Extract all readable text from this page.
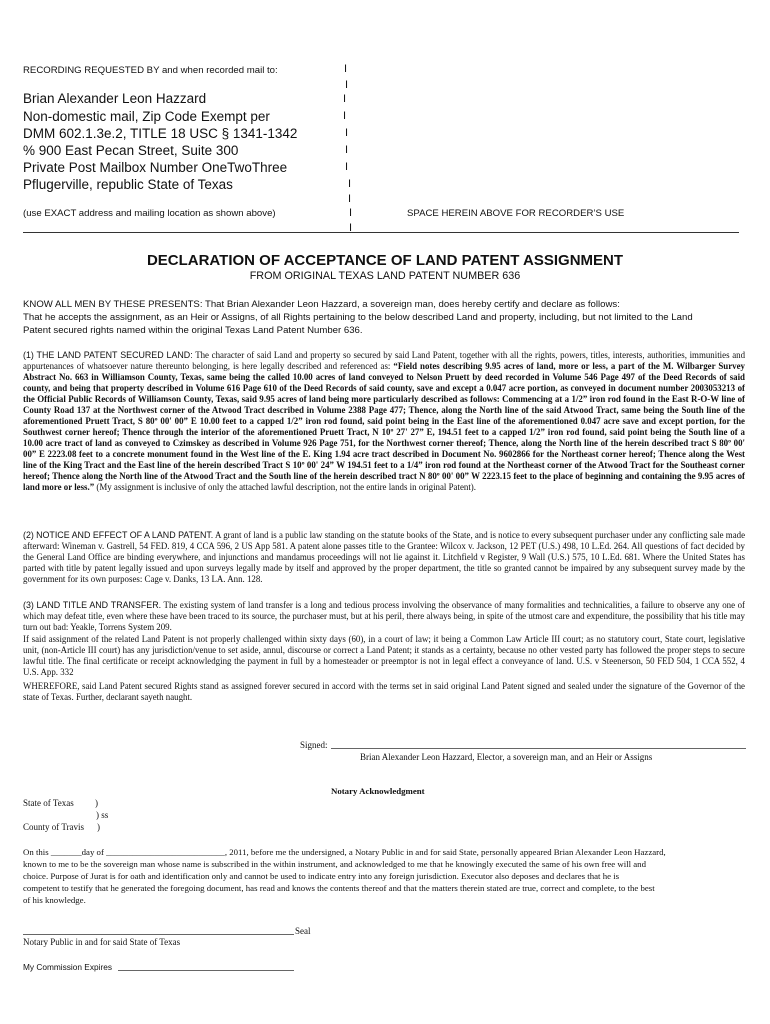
RECORDING REQUESTED BY and when recorded mail to:
Brian Alexander Leon Hazzard
Non-domestic mail, Zip Code Exempt per
DMM 602.1.3e.2, TITLE 18 USC § 1341-1342
% 900 East Pecan Street, Suite 300
Private Post Mailbox Number OneTwoThree
Pflugerville, republic State of Texas
(use EXACT address and mailing location as shown above)	SPACE HEREIN ABOVE FOR RECORDER’S USE
I
I
I
I
I
I
I
I
I
I
I
DECLARATION OF ACCEPTANCE OF LAND PATENT ASSIGNMENT
FROM ORIGINAL TEXAS LAND PATENT NUMBER 636
KNOW ALL MEN BY THESE PRESENTS: That Brian Alexander Leon Hazzard, a sovereign man, does hereby certify and declare as follows:
That he accepts the assignment, as an Heir or Assigns, of all Rights pertaining to the below described Land and property, including, but not limited to the Land
Patent secured rights named within the original Texas Land Patent Number 636.
(1) THE LAND PATENT SECURED LAND: The character of said Land and property so secured by said Land Patent, together with all the rights, powers, titles, interests, authorities, immunities and appurtenances of whatsoever nature thereunto belonging, is here legally described and referenced as: “Field notes describing 9.95 acres of land, more or less, a part of the M. Wilbarger Survey Abstract No. 663 in Williamson County, Texas, same being the called 10.00 acres of land conveyed to Nelson Pruett by deed recorded in Volume 546 Page 497 of the Deed Records of said county, and being that property described in Volume 616 Page 610 of the Deed Records of said county, save and except a 0.047 acre portion, as conveyed in document number 2003053213 of the Official Public Records of Williamson County, Texas, said 9.95 acres of land being more particularly described as follows: Commencing at a 1/2” iron rod found in the East R-O-W line of County Road 137 at the Northwest corner of the Atwood Tract described in Volume 2388 Page 477; Thence, along the North line of the said Atwood Tract, same being the South line of the aforementioned Pruett Tract, S 80º 00' 00” E 10.00 feet to a capped 1/2” iron rod found, said point being in the East line of the aforementioned 0.047 acre save and except portion, for the Southwest corner hereof; Thence through the interior of the aforementioned Pruett Tract, N 10º 27' 27” E, 194.51 feet to a capped 1/2” iron rod found, said point being the South line of a 10.00 acre tract of land as conveyed to Czimskey as described in Volume 926 Page 751, for the Northwest corner thereof; Thence, along the North line of the herein described tract S 80º 00' 00” E 2223.08 feet to a concrete monument found in the West line of the E. King 1.94 acre tract described in Document No. 9602866 for the Northeast corner hereof; Thence along the West line of the King Tract and the East line of the herein described Tract S 10º 00' 24” W 194.51 feet to a 1/4” iron rod found at the Northeast corner of the Atwood Tract for the Southeast corner hereof; Thence along the North line of the Atwood Tract and the South line of the herein described tract N 80º 00' 00” W 2223.15 feet to the place of beginning and containing the 9.95 acres of land more or less.” (My assignment is inclusive of only the attached lawful description, not the entire lands in original Patent).
(2) NOTICE AND EFFECT OF A LAND PATENT. A grant of land is a public law standing on the statute books of the State, and is notice to every subsequent purchaser under any conflicting sale made afterward: Wineman v. Gastrell, 54 FED. 819, 4 CCA 596, 2 US App 581. A patent alone passes title to the Grantee: Wilcox v. Jackson, 12 PET (U.S.) 498, 10 L.Ed. 264. All questions of fact decided by the General Land Office are binding everywhere, and injunctions and mandamus proceedings will not lie against it. Litchfield v Register, 9 Wall (U.S.) 575, 10 L.Ed. 681. Where the United States has parted with title by patent legally issued and upon surveys legally made by itself and approved by the proper department, the title so granted cannot be impaired by any subsequent survey made by the government for its own purposes: Cage v. Danks, 13 LA. Ann. 128.
(3) LAND TITLE AND TRANSFER. The existing system of land transfer is a long and tedious process involving the observance of many formalities and technicalities, a failure to observe any one of which may defeat title, even where these have been traced to its source, the purchaser must, but at his peril, there always being, in spite of the utmost care and expenditure, the possibility that his title may turn out bad: Yeakle, Torrens System 209.
If said assignment of the related Land Patent is not properly challenged within sixty days (60), in a court of law; it being a Common Law Article III court; as no statutory court, State court, legislative unit, (non-Article III court) has any jurisdiction/venue to set aside, annul, discourse or correct a Land Patent; it stands as a certainty, because no other vested party has followed the proper steps to secure lawful title. The final certificate or receipt acknowledging the payment in full by a homesteader or preemptor is not in legal effect a conveyance of land. U.S. v Steenerson, 50 FED 504, 1 CCA 552, 4 U.S. App. 332
WHEREFORE, said Land Patent secured Rights stand as assigned forever secured in accord with the terms set in said original Land Patent signed and sealed under the signature of the Governor of the state of Texas. Further, declarant sayeth naught.
Signed:
Brian Alexander Leon Hazzard, Elector, a sovereign man, and an Heir or Assigns
Notary Acknowledgment
State of Texas )
) ss
County of Travis )
On this _______day of ___________________________, 2011, before me the undersigned, a Notary Public in and for said State, personally appeared Brian Alexander Leon Hazzard,
known to me to be the sovereign man whose name is subscribed in the within instrument, and acknowledged to me that he knowingly executed the same of his own free will and
choice. Purpose of Jurat is for oath and identification only and cannot be used to indicate entry into any foreign jurisdiction. Executor also deposes and declares that he is
competent to testify that he generated the foregoing document, has read and knows the contents thereof and that the matters therein stated are true, correct and complete, to the best
of his knowledge.
Seal
Notary Public in and for said State of Texas
My Commission Expires
